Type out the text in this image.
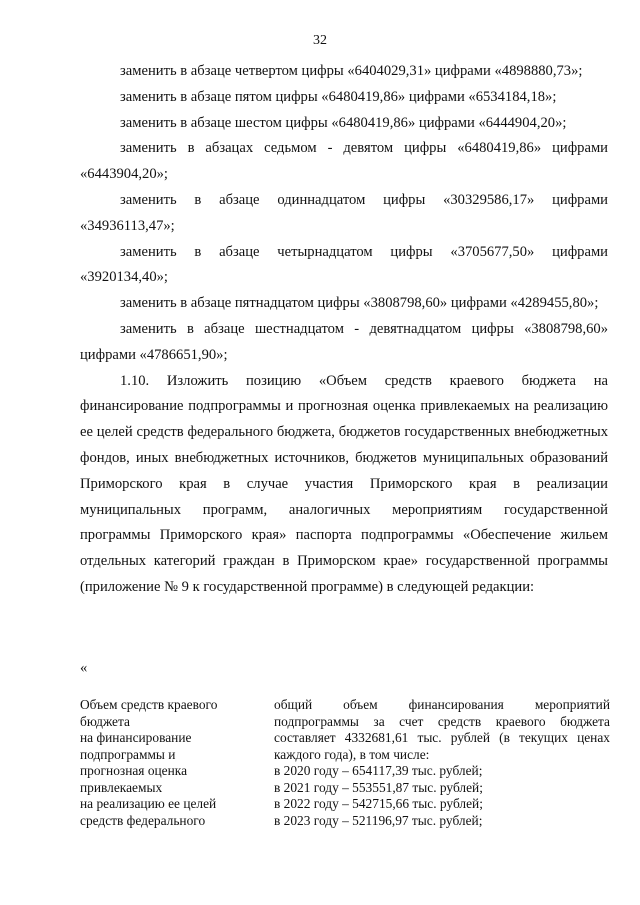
32

заменить в абзаце четвертом цифры «6404029,31» цифрами «4898880,73»;

заменить в абзаце пятом цифры «6480419,86» цифрами «6534184,18»;

заменить в абзаце шестом цифры «6480419,86» цифрами «6444904,20»;

заменить в абзацах седьмом - девятом цифры «6480419,86» цифрами «6443904,20»;

заменить в абзаце одиннадцатом цифры «30329586,17» цифрами «34936113,47»;

заменить в абзаце четырнадцатом цифры «3705677,50» цифрами «3920134,40»;

заменить в абзаце пятнадцатом цифры «3808798,60» цифрами «4289455,80»;

заменить в абзаце шестнадцатом - девятнадцатом цифры «3808798,60» цифрами «4786651,90»;

1.10. Изложить позицию «Объем средств краевого бюджета на финансирование подпрограммы и прогнозная оценка привлекаемых на реализацию ее целей средств федерального бюджета, бюджетов государственных внебюджетных фондов, иных внебюджетных источников, бюджетов муниципальных образований Приморского края в случае участия Приморского края в реализации муниципальных программ, аналогичных мероприятиям государственной программы Приморского края» паспорта подпрограммы «Обеспечение жильем отдельных категорий граждан в Приморском крае» государственной программы (приложение № 9 к государственной программе) в следующей редакции:

«
Объем средств краевого
бюджета
на финансирование
подпрограммы и
прогнозная оценка
привлекаемых
на реализацию ее целей
средств федерального
общий объем финансирования мероприятий подпрограммы за счет средств краевого бюджета составляет 4332681,61 тыс. рублей (в текущих ценах каждого года), в том числе:
в 2020 году – 654117,39 тыс. рублей;
в 2021 году – 553551,87 тыс. рублей;
в 2022 году – 542715,66 тыс. рублей;
в 2023 году – 521196,97 тыс. рублей;
